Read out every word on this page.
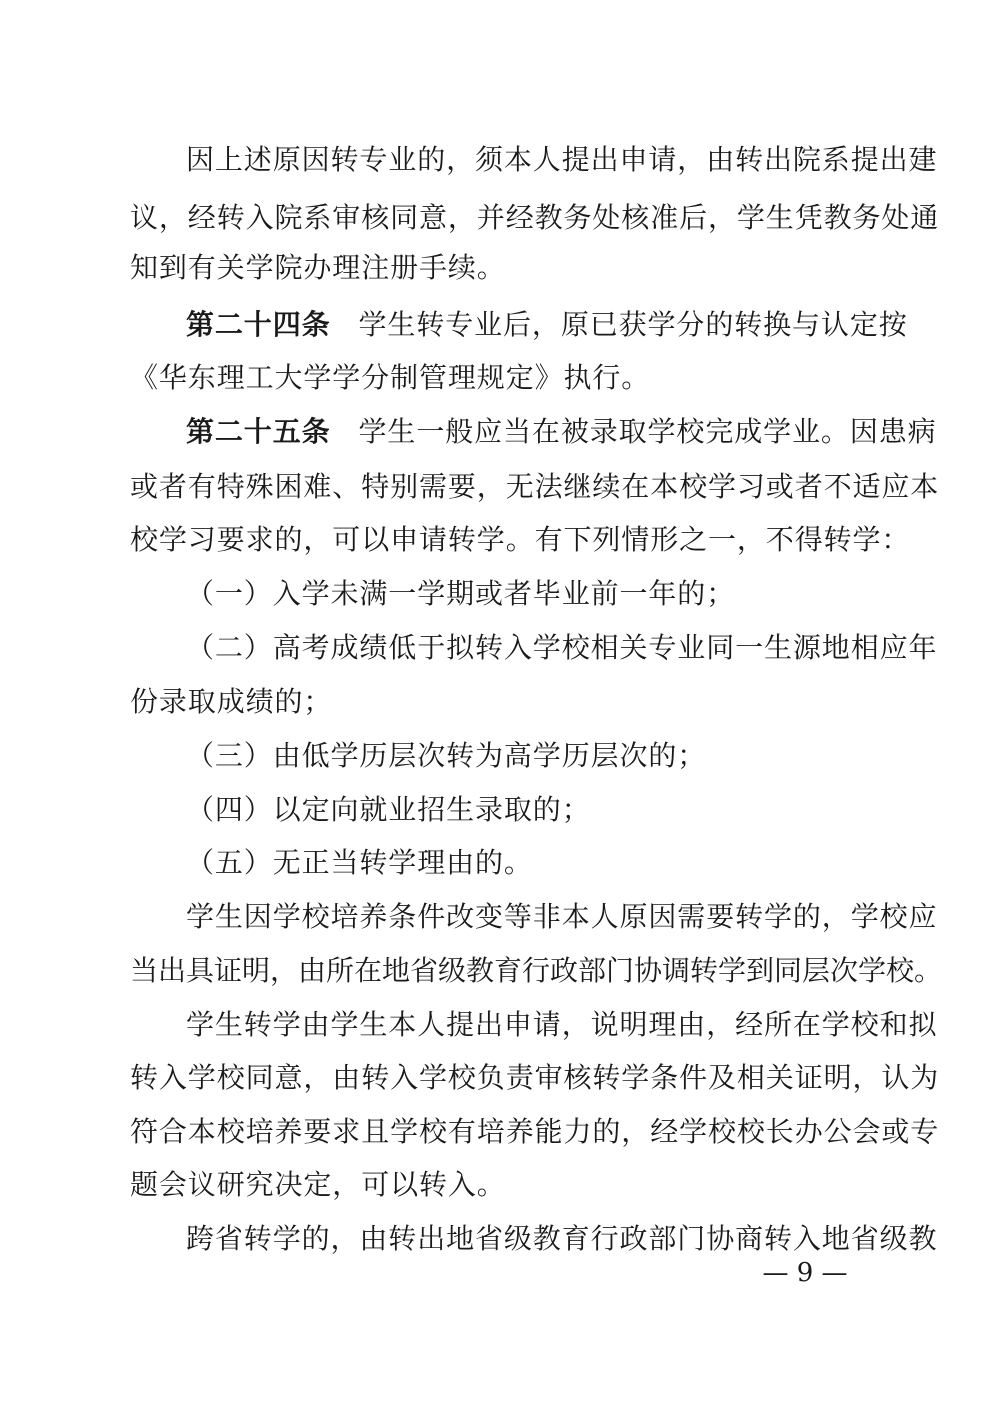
因上述原因转专业的，须本人提出申请，由转出院系提出建
议，经转入院系审核同意，并经教务处核准后，学生凭教务处通
知到有关学院办理注册手续。
第二十四条 学生转专业后，原已获学分的转换与认定按
《华东理工大学学分制管理规定》执行。
第二十五条 学生一般应当在被录取学校完成学业。因患病
或者有特殊困难、特别需要，无法继续在本校学习或者不适应本
校学习要求的，可以申请转学。有下列情形之一，不得转学：
（一）入学未满一学期或者毕业前一年的；
（二）高考成绩低于拟转入学校相关专业同一生源地相应年
份录取成绩的；
（三）由低学历层次转为高学历层次的；
（四）以定向就业招生录取的；
（五）无正当转学理由的。
学生因学校培养条件改变等非本人原因需要转学的，学校应
当出具证明，由所在地省级教育行政部门协调转学到同层次学校。
学生转学由学生本人提出申请，说明理由，经所在学校和拟
转入学校同意，由转入学校负责审核转学条件及相关证明，认为
符合本校培养要求且学校有培养能力的，经学校校长办公会或专
题会议研究决定，可以转入。
跨省转学的，由转出地省级教育行政部门协商转入地省级教
— 9 —
